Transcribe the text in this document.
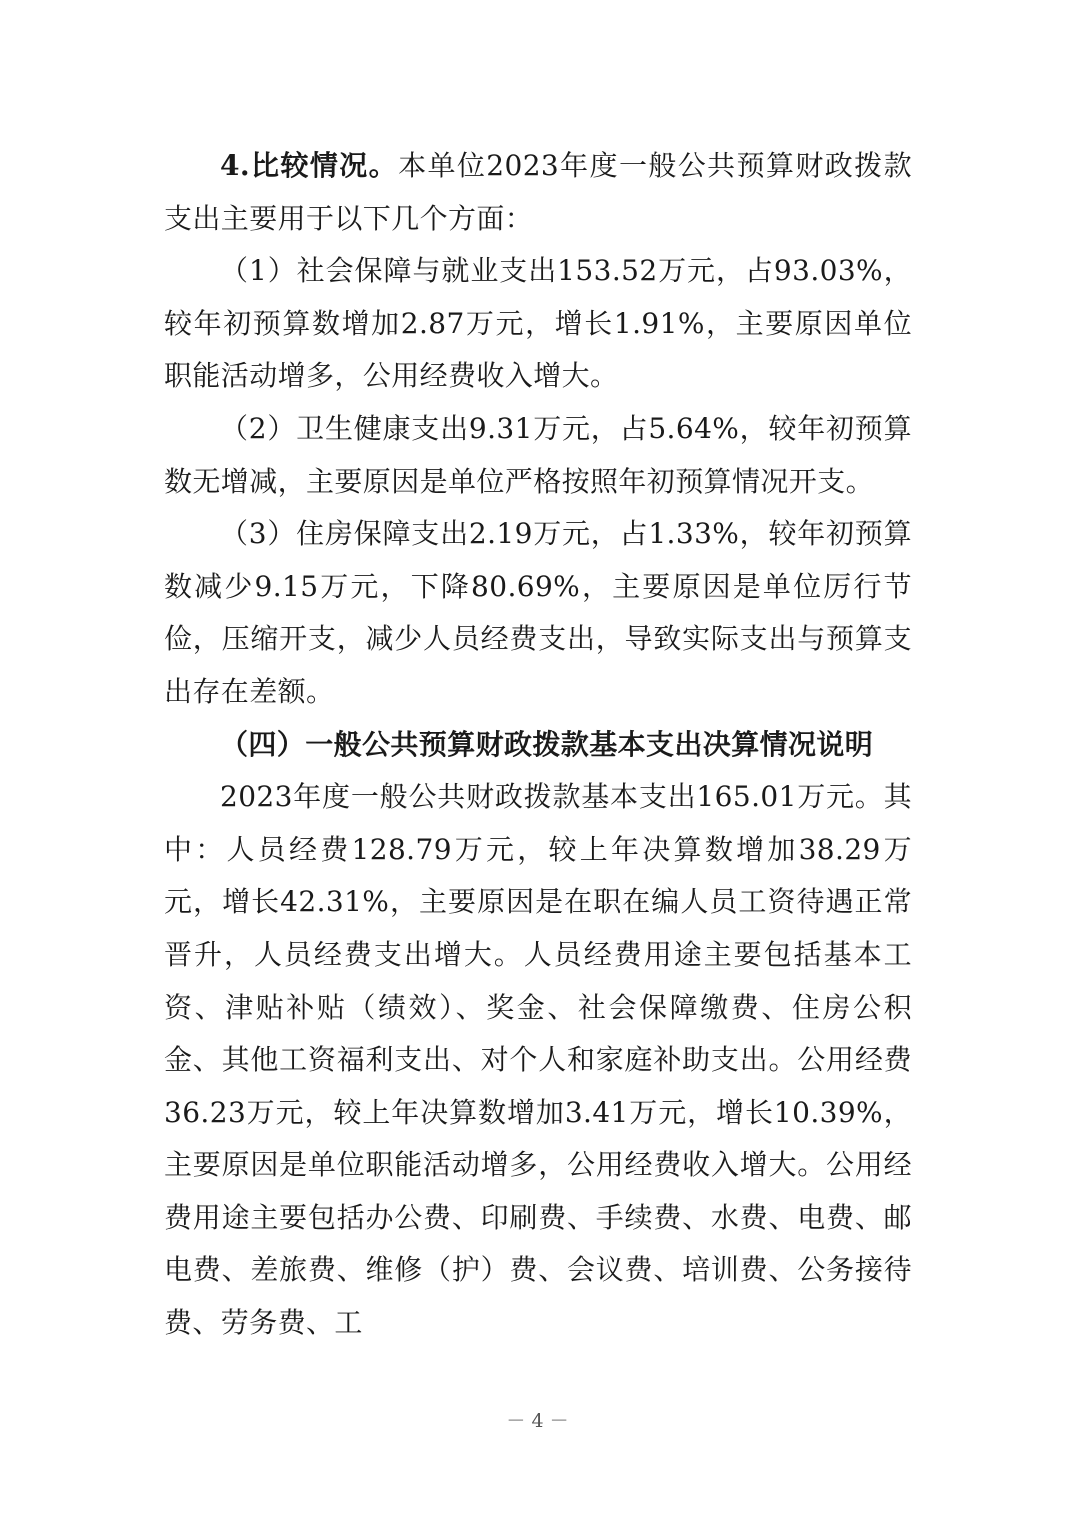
4.比较情况。本单位2023年度一般公共预算财政拨款支出主要用于以下几个方面：

（1）社会保障与就业支出153.52万元，占93.03%，较年初预算数增加2.87万元，增长1.91%，主要原因单位职能活动增多，公用经费收入增大。

（2）卫生健康支出9.31万元，占5.64%，较年初预算数无增减，主要原因是单位严格按照年初预算情况开支。

（3）住房保障支出2.19万元，占1.33%，较年初预算数减少9.15万元，下降80.69%，主要原因是单位厉行节俭，压缩开支，减少人员经费支出，导致实际支出与预算支出存在差额。

（四）一般公共预算财政拨款基本支出决算情况说明

2023年度一般公共财政拨款基本支出165.01万元。其中：人员经费128.79万元，较上年决算数增加38.29万元，增长42.31%，主要原因是在职在编人员工资待遇正常晋升，人员经费支出增大。人员经费用途主要包括基本工资、津贴补贴（绩效）、奖金、社会保障缴费、住房公积金、其他工资福利支出、对个人和家庭补助支出。公用经费36.23万元，较上年决算数增加3.41万元，增长10.39%，主要原因是单位职能活动增多，公用经费收入增大。公用经费用途主要包括办公费、印刷费、手续费、水费、电费、邮电费、差旅费、维修（护）费、会议费、培训费、公务接待费、劳务费、工

－ 4 －
